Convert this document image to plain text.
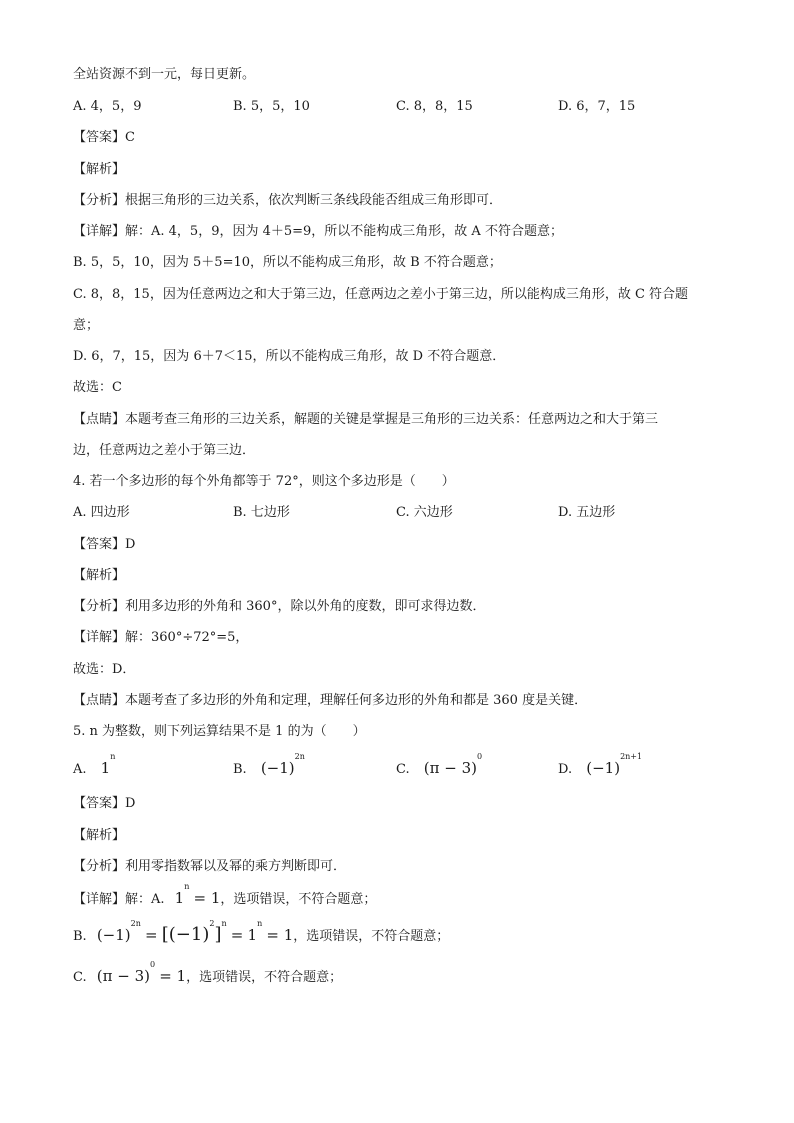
全站资源不到一元，每日更新。
A. 4，5，9	B. 5，5，10	C. 8，8，15	D. 6，7，15
【答案】C
【解析】
【分析】根据三角形的三边关系，依次判断三条线段能否组成三角形即可．
【详解】解：A. 4，5，9，因为 4＋5=9，所以不能构成三角形，故 A 不符合题意；
B. 5，5，10，因为 5＋5=10，所以不能构成三角形，故 B 不符合题意；
C. 8，8，15，因为任意两边之和大于第三边，任意两边之差小于第三边，所以能构成三角形，故 C 符合题
意；
D. 6，7，15，因为 6＋7＜15，所以不能构成三角形，故 D 不符合题意．
故选：C
【点睛】本题考查三角形的三边关系，解题的关键是掌握是三角形的三边关系：任意两边之和大于第三
边，任意两边之差小于第三边．
4. 若一个多边形的每个外角都等于 72°，则这个多边形是（　　）
A. 四边形	B. 七边形	C. 六边形	D. 五边形
【答案】D
【解析】
【分析】利用多边形的外角和 360°，除以外角的度数，即可求得边数．
【详解】解：360°÷72°=5，
故选：D．
【点睛】本题考查了多边形的外角和定理，理解任何多边形的外角和都是 360 度是关键．
5. n 为整数，则下列运算结果不是 1 的为（　　）
A. 1$^n$
B. $(-1)^{2n}$
C. $(\pi - 3)^0$
D. $(-1)^{2n+1}$
【答案】D
【解析】
【分析】利用零指数幂以及幂的乘方判断即可．
【详解】解：A. $1^n = 1$，选项错误，不符合题意；
B. $(-1)^{2n} = [(-1)^2]^n = 1^n = 1$，选项错误，不符合题意；
C. $(\pi - 3)^0 = 1$，选项错误，不符合题意；
